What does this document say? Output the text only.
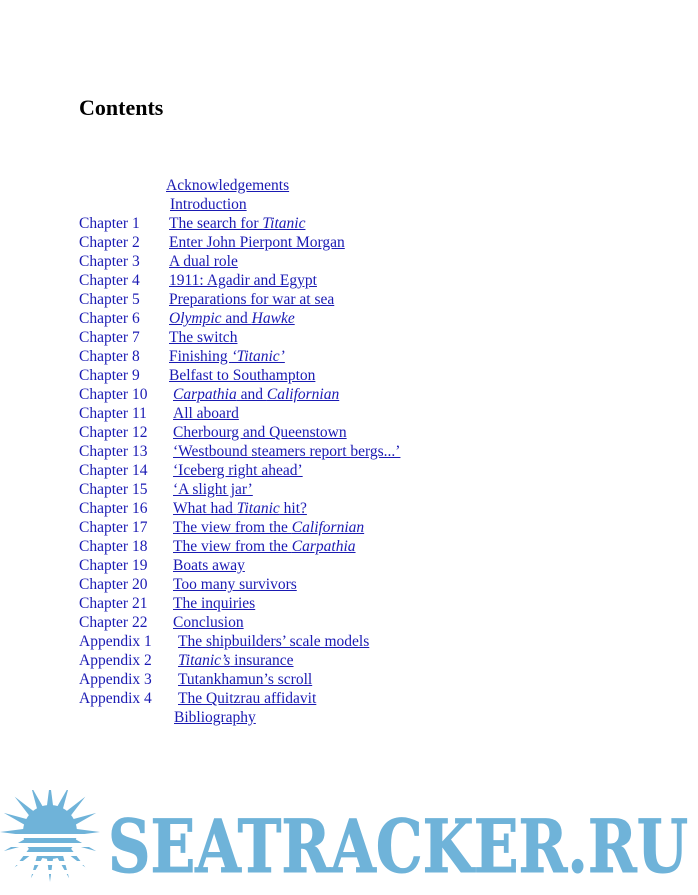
Contents
Acknowledgements
Introduction
Chapter 1 The search for Titanic
Chapter 2 Enter John Pierpont Morgan
Chapter 3 A dual role
Chapter 4 1911: Agadir and Egypt
Chapter 5 Preparations for war at sea
Chapter 6 Olympic and Hawke
Chapter 7 The switch
Chapter 8 Finishing ‘Titanic’
Chapter 9 Belfast to Southampton
Chapter 10 Carpathia and Californian
Chapter 11 All aboard
Chapter 12 Cherbourg and Queenstown
Chapter 13 ‘Westbound steamers report bergs...’
Chapter 14 ‘Iceberg right ahead’
Chapter 15 ‘A slight jar’
Chapter 16 What had Titanic hit?
Chapter 17 The view from the Californian
Chapter 18 The view from the Carpathia
Chapter 19 Boats away
Chapter 20 Too many survivors
Chapter 21 The inquiries
Chapter 22 Conclusion
Appendix 1 The shipbuilders’ scale models
Appendix 2 Titanic’s insurance
Appendix 3 Tutankhamun’s scroll
Appendix 4 The Quitzrau affidavit
Bibliography
SEATRACKER.RU
